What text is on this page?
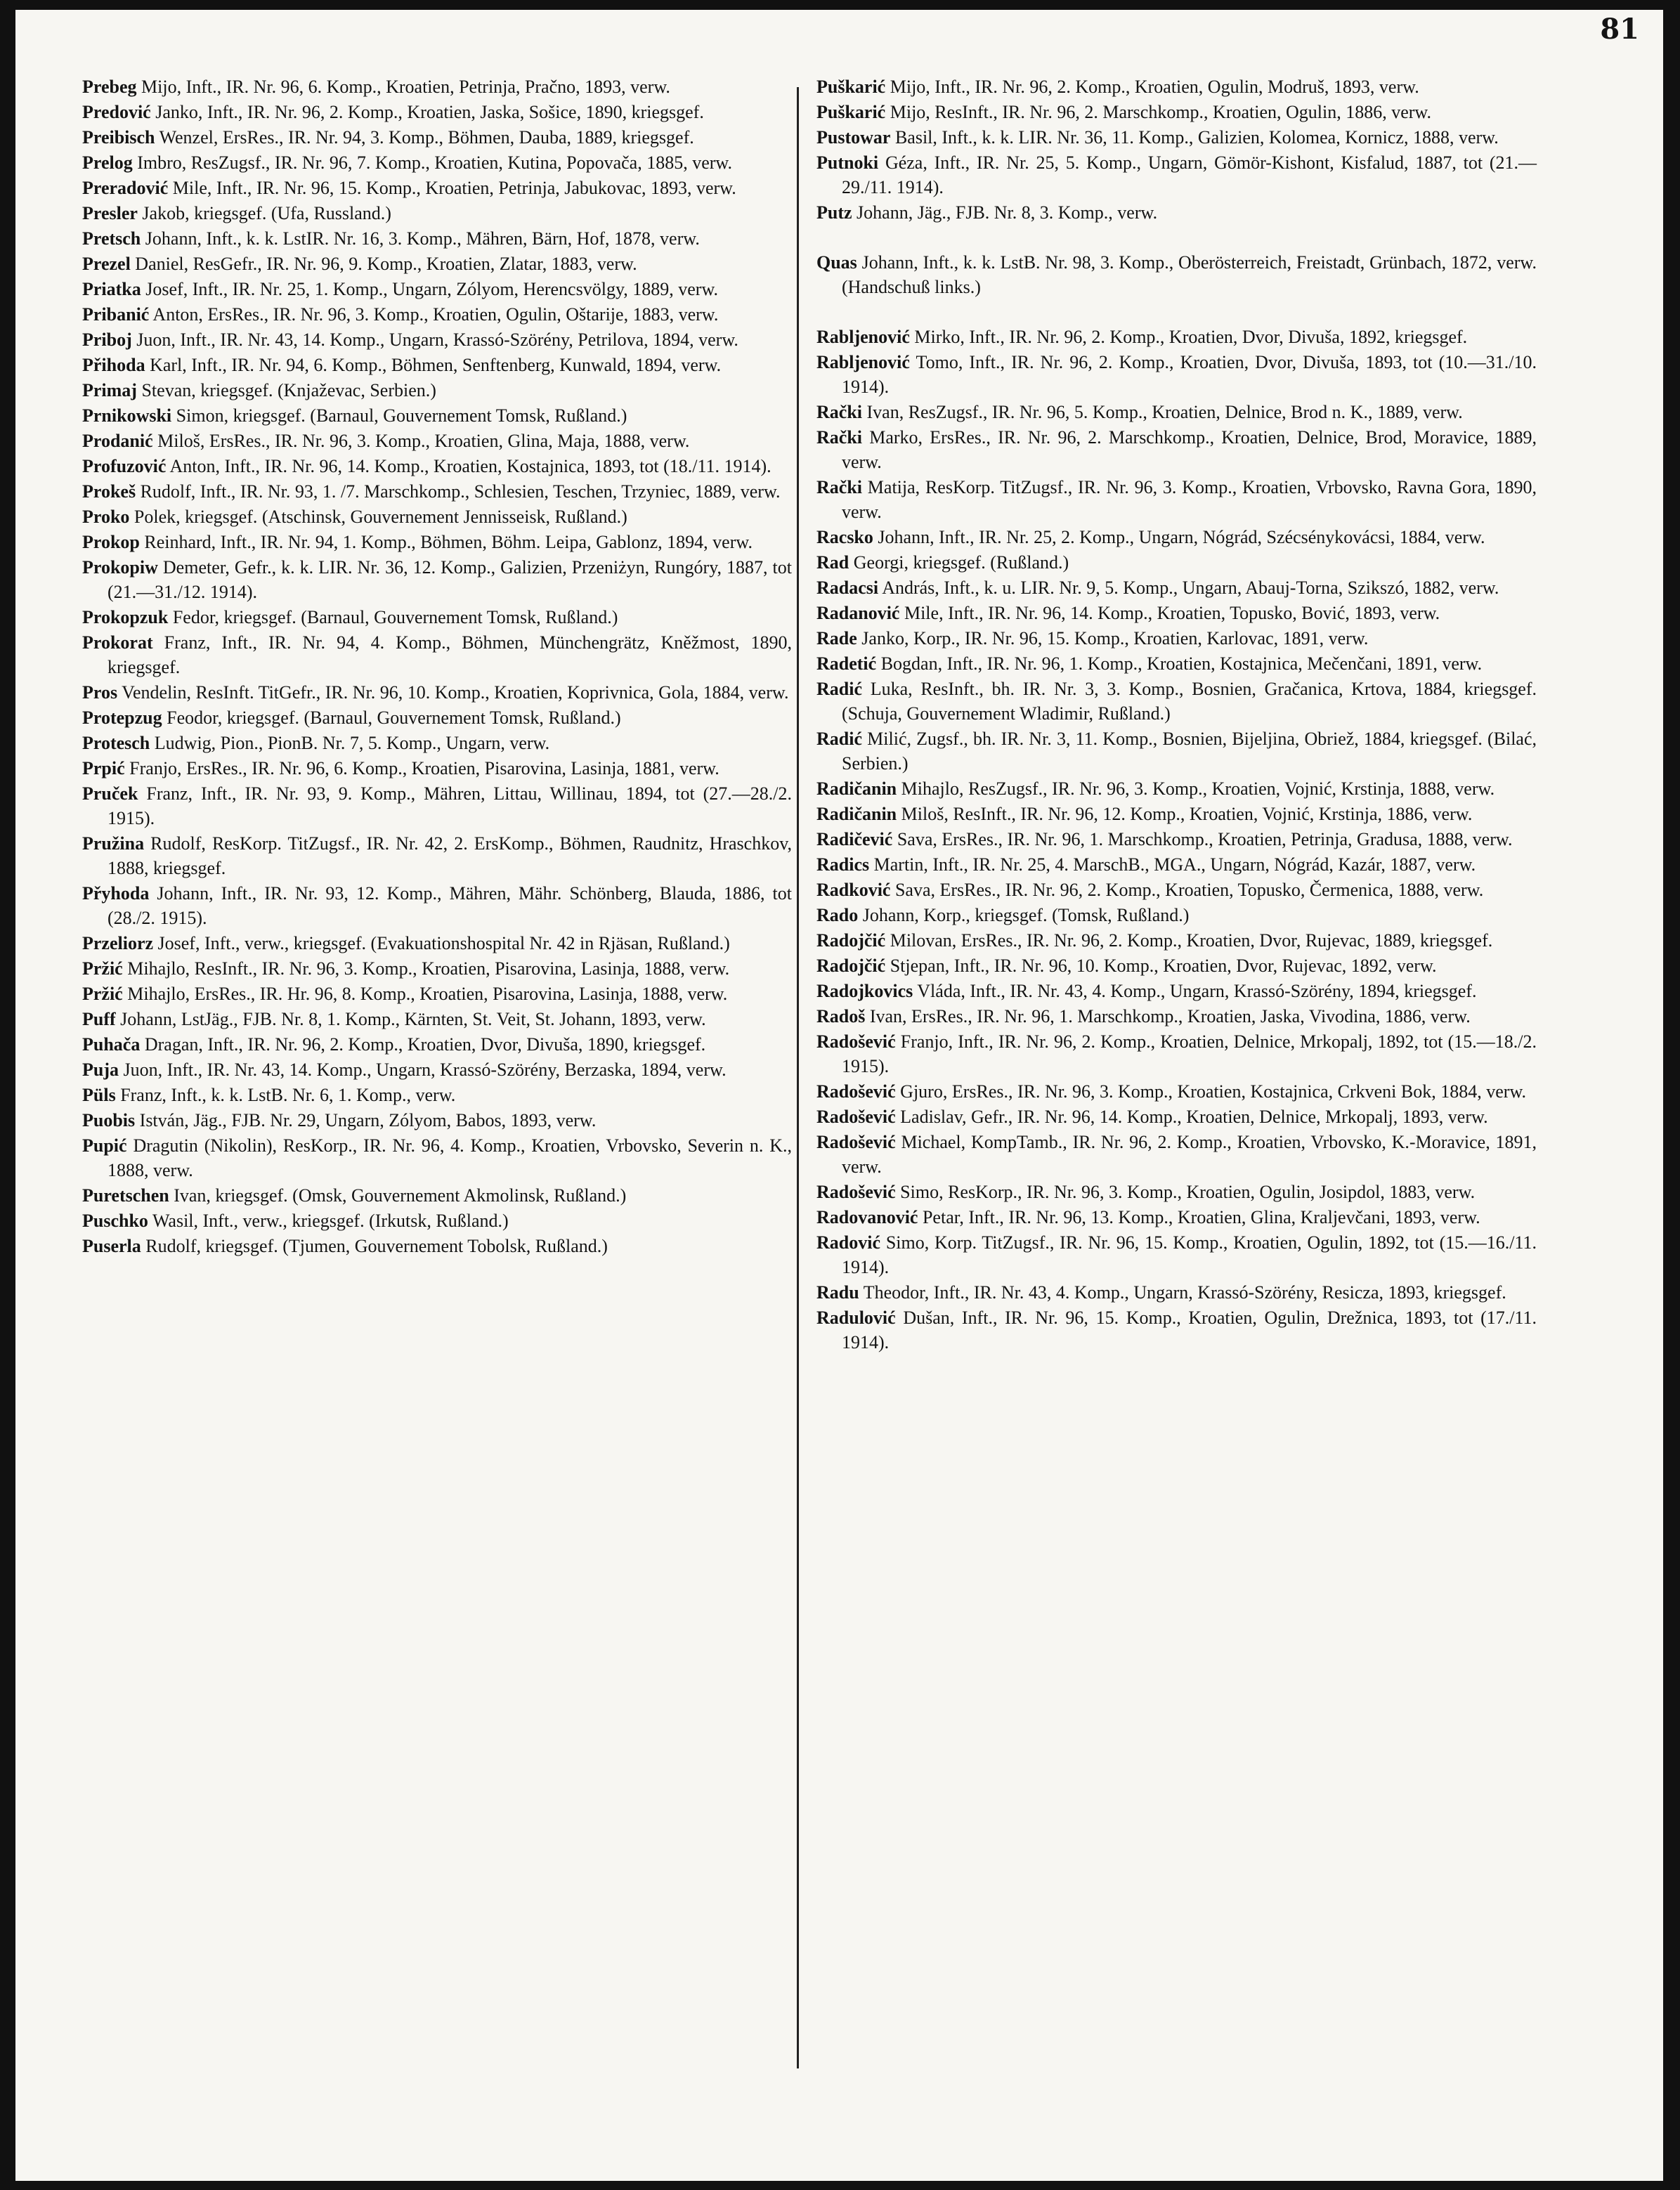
81
Prebeg Mijo, Inft., IR. Nr. 96, 6. Komp., Kroatien, Petrinja, Pračno, 1893, verw.
Predović Janko, Inft., IR. Nr. 96, 2. Komp., Kroatien, Jaska, Sošice, 1890, kriegsgef.
Preibisch Wenzel, ErsRes., IR. Nr. 94, 3. Komp., Böhmen, Dauba, 1889, kriegsgef.
Prelog Imbro, ResZugsf., IR. Nr. 96, 7. Komp., Kroatien, Kutina, Popovača, 1885, verw.
Preradović Mile, Inft., IR. Nr. 96, 15. Komp., Kroatien, Petrinja, Jabukovac, 1893, verw.
Presler Jakob, kriegsgef. (Ufa, Russland.)
Pretsch Johann, Inft., k. k. LstIR. Nr. 16, 3. Komp., Mähren, Bärn, Hof, 1878, verw.
Prezel Daniel, ResGefr., IR. Nr. 96, 9. Komp., Kroatien, Zlatar, 1883, verw.
Priatka Josef, Inft., IR. Nr. 25, 1. Komp., Ungarn, Zólyom, Herencsvölgy, 1889, verw.
Pribanić Anton, ErsRes., IR. Nr. 96, 3. Komp., Kroatien, Ogulin, Oštarije, 1883, verw.
Priboj Juon, Inft., IR. Nr. 43, 14. Komp., Ungarn, Krassó-Szörény, Petrilova, 1894, verw.
Přihoda Karl, Inft., IR. Nr. 94, 6. Komp., Böhmen, Senftenberg, Kunwald, 1894, verw.
Primaj Stevan, kriegsgef. (Knjaževac, Serbien.)
Prnikowski Simon, kriegsgef. (Barnaul, Gouvernement Tomsk, Rußland.)
Prodanić Miloš, ErsRes., IR. Nr. 96, 3. Komp., Kroatien, Glina, Maja, 1888, verw.
Profuzović Anton, Inft., IR. Nr. 96, 14. Komp., Kroatien, Kostajnica, 1893, tot (18./11. 1914).
Prokeš Rudolf, Inft., IR. Nr. 93, 1. /7. Marschkomp., Schlesien, Teschen, Trzyniec, 1889, verw.
Proko Polek, kriegsgef. (Atschinsk, Gouvernement Jennisseisk, Rußland.)
Prokop Reinhard, Inft., IR. Nr. 94, 1. Komp., Böhmen, Böhm. Leipa, Gablonz, 1894, verw.
Prokopiw Demeter, Gefr., k. k. LIR. Nr. 36, 12. Komp., Galizien, Przeniżyn, Rungóry, 1887, tot (21.—31./12. 1914).
Prokopzuk Fedor, kriegsgef. (Barnaul, Gouvernement Tomsk, Rußland.)
Prokorat Franz, Inft., IR. Nr. 94, 4. Komp., Böhmen, Münchengrätz, Kněžmost, 1890, kriegsgef.
Pros Vendelin, ResInft. TitGefr., IR. Nr. 96, 10. Komp., Kroatien, Koprivnica, Gola, 1884, verw.
Protepzug Feodor, kriegsgef. (Barnaul, Gouvernement Tomsk, Rußland.)
Protesch Ludwig, Pion., PionB. Nr. 7, 5. Komp., Ungarn, verw.
Prpić Franjo, ErsRes., IR. Nr. 96, 6. Komp., Kroatien, Pisarovina, Lasinja, 1881, verw.
Pruček Franz, Inft., IR. Nr. 93, 9. Komp., Mähren, Littau, Willinau, 1894, tot (27.—28./2. 1915).
Pružina Rudolf, ResKorp. TitZugsf., IR. Nr. 42, 2. ErsKomp., Böhmen, Raudnitz, Hraschkov, 1888, kriegsgef.
Přyhoda Johann, Inft., IR. Nr. 93, 12. Komp., Mähren, Mähr. Schönberg, Blauda, 1886, tot (28./2. 1915).
Przeliorz Josef, Inft., verw., kriegsgef. (Evakuationshospital Nr. 42 in Rjäsan, Rußland.)
Pržić Mihajlo, ResInft., IR. Nr. 96, 3. Komp., Kroatien, Pisarovina, Lasinja, 1888, verw.
Pržić Mihajlo, ErsRes., IR. Hr. 96, 8. Komp., Kroatien, Pisarovina, Lasinja, 1888, verw.
Puff Johann, LstJäg., FJB. Nr. 8, 1. Komp., Kärnten, St. Veit, St. Johann, 1893, verw.
Puhača Dragan, Inft., IR. Nr. 96, 2. Komp., Kroatien, Dvor, Divuša, 1890, kriegsgef.
Puja Juon, Inft., IR. Nr. 43, 14. Komp., Ungarn, Krassó-Szörény, Berzaska, 1894, verw.
Püls Franz, Inft., k. k. LstB. Nr. 6, 1. Komp., verw.
Puobis István, Jäg., FJB. Nr. 29, Ungarn, Zólyom, Babos, 1893, verw.
Pupić Dragutin (Nikolin), ResKorp., IR. Nr. 96, 4. Komp., Kroatien, Vrbovsko, Severin n. K., 1888, verw.
Puretschen Ivan, kriegsgef. (Omsk, Gouvernement Akmolinsk, Rußland.)
Puschko Wasil, Inft., verw., kriegsgef. (Irkutsk, Rußland.)
Puserla Rudolf, kriegsgef. (Tjumen, Gouvernement Tobolsk, Rußland.)
Puškarić Mijo, Inft., IR. Nr. 96, 2. Komp., Kroatien, Ogulin, Modruš, 1893, verw.
Puškarić Mijo, ResInft., IR. Nr. 96, 2. Marschkomp., Kroatien, Ogulin, 1886, verw.
Pustowar Basil, Inft., k. k. LIR. Nr. 36, 11. Komp., Galizien, Kolomea, Kornicz, 1888, verw.
Putnoki Géza, Inft., IR. Nr. 25, 5. Komp., Ungarn, Gömör-Kishont, Kisfalud, 1887, tot (21.—29./11. 1914).
Putz Johann, Jäg., FJB. Nr. 8, 3. Komp., verw.
Quas Johann, Inft., k. k. LstB. Nr. 98, 3. Komp., Oberösterreich, Freistadt, Grünbach, 1872, verw. (Handschuß links.)
Rabljenović Mirko, Inft., IR. Nr. 96, 2. Komp., Kroatien, Dvor, Divuša, 1892, kriegsgef.
Rabljenović Tomo, Inft., IR. Nr. 96, 2. Komp., Kroatien, Dvor, Divuša, 1893, tot (10.—31./10. 1914).
Rački Ivan, ResZugsf., IR. Nr. 96, 5. Komp., Kroatien, Delnice, Brod n. K., 1889, verw.
Rački Marko, ErsRes., IR. Nr. 96, 2. Marschkomp., Kroatien, Delnice, Brod, Moravice, 1889, verw.
Rački Matija, ResKorp. TitZugsf., IR. Nr. 96, 3. Komp., Kroatien, Vrbovsko, Ravna Gora, 1890, verw.
Racsko Johann, Inft., IR. Nr. 25, 2. Komp., Ungarn, Nógrád, Szécsénykovácsi, 1884, verw.
Rad Georgi, kriegsgef. (Rußland.)
Radacsi András, Inft., k. u. LIR. Nr. 9, 5. Komp., Ungarn, Abauj-Torna, Szikszó, 1882, verw.
Radanović Mile, Inft., IR. Nr. 96, 14. Komp., Kroatien, Topusko, Bović, 1893, verw.
Rade Janko, Korp., IR. Nr. 96, 15. Komp., Kroatien, Karlovac, 1891, verw.
Radetić Bogdan, Inft., IR. Nr. 96, 1. Komp., Kroatien, Kostajnica, Mečenčani, 1891, verw.
Radić Luka, ResInft., bh. IR. Nr. 3, 3. Komp., Bosnien, Gračanica, Krtova, 1884, kriegsgef. (Schuja, Gouvernement Wladimir, Rußland.)
Radić Milić, Zugsf., bh. IR. Nr. 3, 11. Komp., Bosnien, Bijeljina, Obriež, 1884, kriegsgef. (Bilać, Serbien.)
Radičanin Mihajlo, ResZugsf., IR. Nr. 96, 3. Komp., Kroatien, Vojnić, Krstinja, 1888, verw.
Radičanin Miloš, ResInft., IR. Nr. 96, 12. Komp., Kroatien, Vojnić, Krstinja, 1886, verw.
Radičević Sava, ErsRes., IR. Nr. 96, 1. Marschkomp., Kroatien, Petrinja, Gradusa, 1888, verw.
Radics Martin, Inft., IR. Nr. 25, 4. MarschB., MGA., Ungarn, Nógrád, Kazár, 1887, verw.
Radković Sava, ErsRes., IR. Nr. 96, 2. Komp., Kroatien, Topusko, Čermenica, 1888, verw.
Rado Johann, Korp., kriegsgef. (Tomsk, Rußland.)
Radojčić Milovan, ErsRes., IR. Nr. 96, 2. Komp., Kroatien, Dvor, Rujevac, 1889, kriegsgef.
Radojčić Stjepan, Inft., IR. Nr. 96, 10. Komp., Kroatien, Dvor, Rujevac, 1892, verw.
Radojkovics Vláda, Inft., IR. Nr. 43, 4. Komp., Ungarn, Krassó-Szörény, 1894, kriegsgef.
Radoš Ivan, ErsRes., IR. Nr. 96, 1. Marschkomp., Kroatien, Jaska, Vivodina, 1886, verw.
Radošević Franjo, Inft., IR. Nr. 96, 2. Komp., Kroatien, Delnice, Mrkopalj, 1892, tot (15.—18./2. 1915).
Radošević Gjuro, ErsRes., IR. Nr. 96, 3. Komp., Kroatien, Kostajnica, Crkveni Bok, 1884, verw.
Radošević Ladislav, Gefr., IR. Nr. 96, 14. Komp., Kroatien, Delnice, Mrkopalj, 1893, verw.
Radošević Michael, KompTamb., IR. Nr. 96, 2. Komp., Kroatien, Vrbovsko, K.-Moravice, 1891, verw.
Radošević Simo, ResKorp., IR. Nr. 96, 3. Komp., Kroatien, Ogulin, Josipdol, 1883, verw.
Radovanović Petar, Inft., IR. Nr. 96, 13. Komp., Kroatien, Glina, Kraljevčani, 1893, verw.
Radović Simo, Korp. TitZugsf., IR. Nr. 96, 15. Komp., Kroatien, Ogulin, 1892, tot (15.—16./11. 1914).
Radu Theodor, Inft., IR. Nr. 43, 4. Komp., Ungarn, Krassó-Szörény, Resicza, 1893, kriegsgef.
Radulović Dušan, Inft., IR. Nr. 96, 15. Komp., Kroatien, Ogulin, Drežnica, 1893, tot (17./11. 1914).
